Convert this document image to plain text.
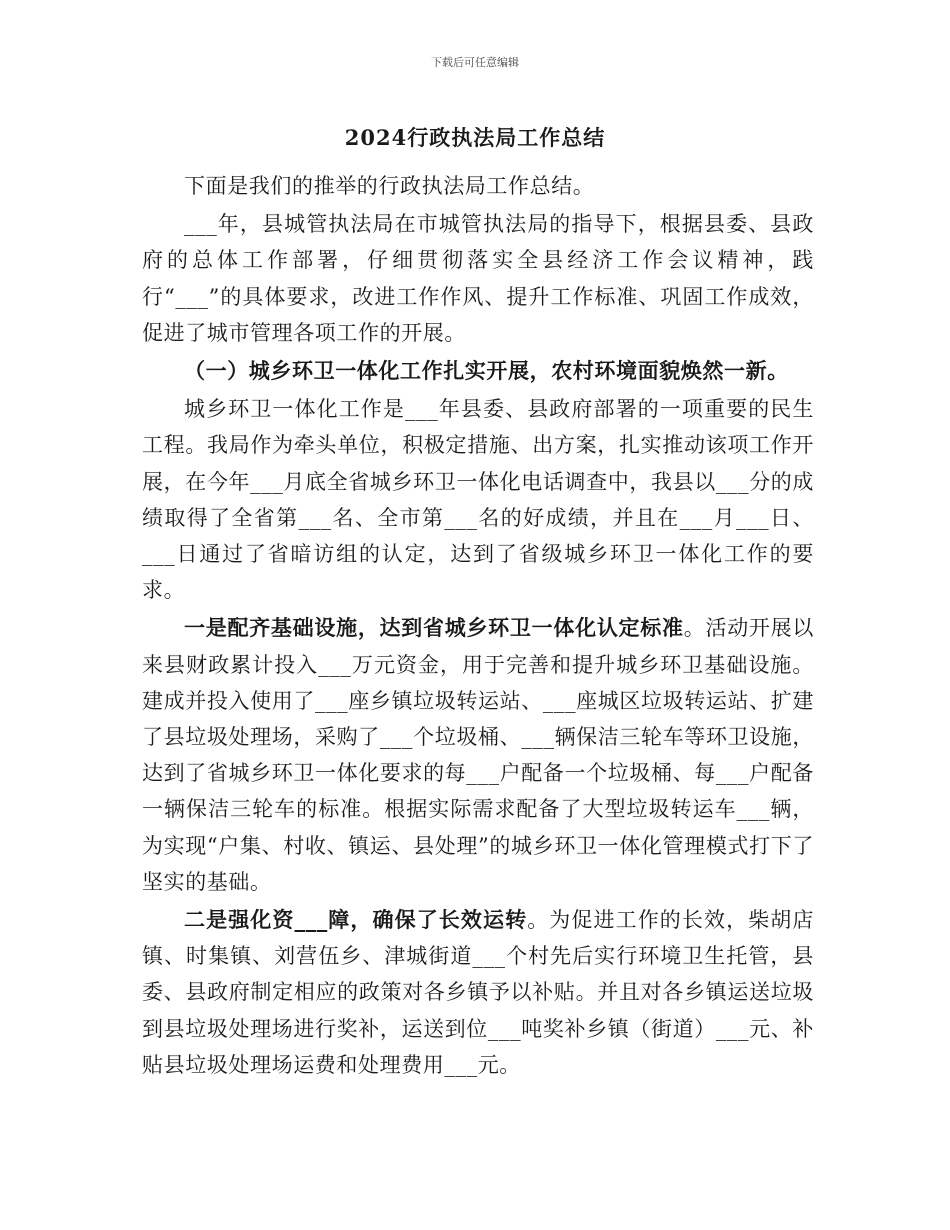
下载后可任意编辑
2024行政执法局工作总结

下面是我们的推举的行政执法局工作总结。

___年，县城管执法局在市城管执法局的指导下，根据县委、县政府的总体工作部署，仔细贯彻落实全县经济工作会议精神，践行“___”的具体要求，改进工作作风、提升工作标准、巩固工作成效，促进了城市管理各项工作的开展。

（一）城乡环卫一体化工作扎实开展，农村环境面貌焕然一新。

城乡环卫一体化工作是___年县委、县政府部署的一项重要的民生工程。我局作为牵头单位，积极定措施、出方案，扎实推动该项工作开展，在今年___月底全省城乡环卫一体化电话调查中，我县以___分的成绩取得了全省第___名、全市第___名的好成绩，并且在___月___日、___日通过了省暗访组的认定，达到了省级城乡环卫一体化工作的要求。

一是配齐基础设施，达到省城乡环卫一体化认定标准。活动开展以来县财政累计投入___万元资金，用于完善和提升城乡环卫基础设施。建成并投入使用了___座乡镇垃圾转运站、___座城区垃圾转运站、扩建了县垃圾处理场，采购了___个垃圾桶、___辆保洁三轮车等环卫设施，达到了省城乡环卫一体化要求的每___户配备一个垃圾桶、每___户配备一辆保洁三轮车的标准。根据实际需求配备了大型垃圾转运车___辆，为实现“户集、村收、镇运、县处理”的城乡环卫一体化管理模式打下了坚实的基础。

二是强化资___障，确保了长效运转。为促进工作的长效，柴胡店镇、时集镇、刘营伍乡、津城街道___个村先后实行环境卫生托管，县委、县政府制定相应的政策对各乡镇予以补贴。并且对各乡镇运送垃圾到县垃圾处理场进行奖补，运送到位___吨奖补乡镇（街道）___元、补贴县垃圾处理场运费和处理费用___元。
